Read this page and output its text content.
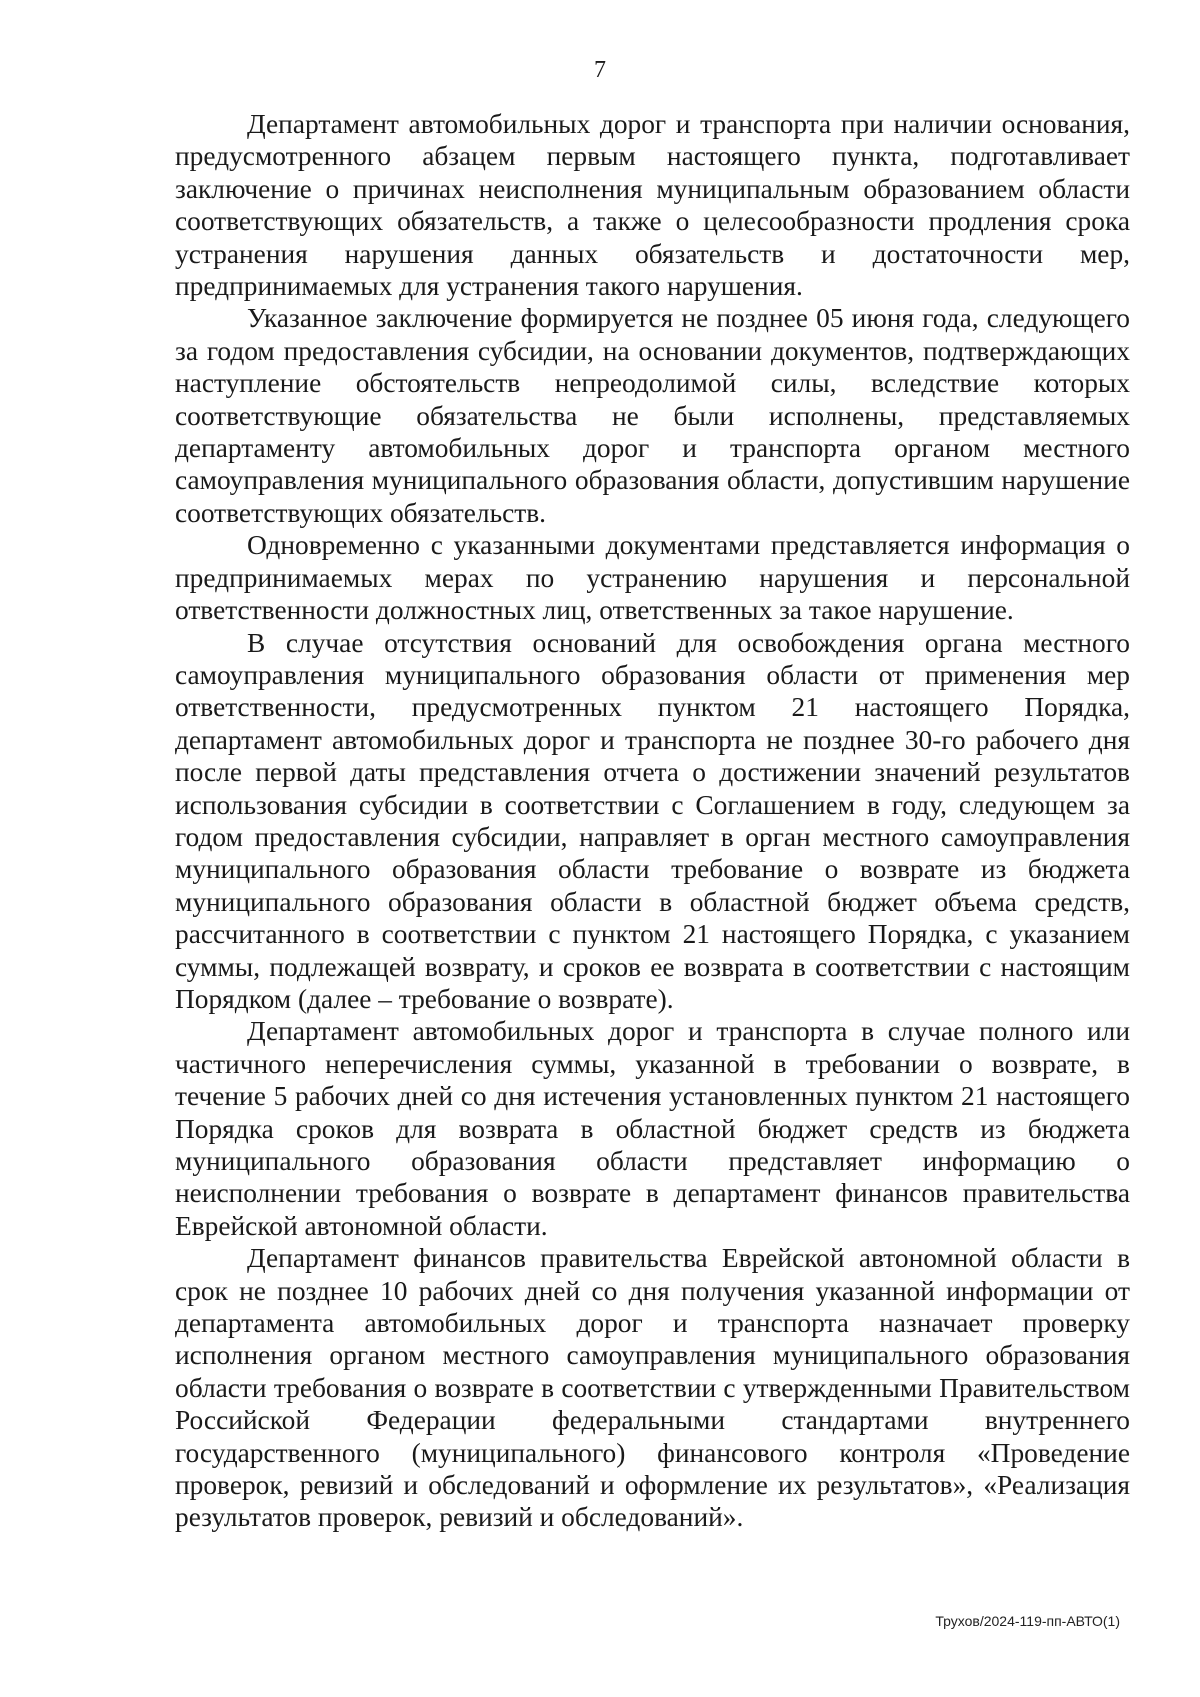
7

Департамент автомобильных дорог и транспорта при наличии основания, предусмотренного абзацем первым настоящего пункта, подготавливает заключение о причинах неисполнения муниципальным образованием области соответствующих обязательств, а также о целесообразности продления срока устранения нарушения данных обязательств и достаточности мер, предпринимаемых для устранения такого нарушения.

Указанное заключение формируется не позднее 05 июня года, следующего за годом предоставления субсидии, на основании документов, подтверждающих наступление обстоятельств непреодолимой силы, вследствие которых соответствующие обязательства не были исполнены, представляемых департаменту автомобильных дорог и транспорта органом местного самоуправления муниципального образования области, допустившим нарушение соответствующих обязательств.

Одновременно с указанными документами представляется информация о предпринимаемых мерах по устранению нарушения и персональной ответственности должностных лиц, ответственных за такое нарушение.

В случае отсутствия оснований для освобождения органа местного самоуправления муниципального образования области от применения мер ответственности, предусмотренных пунктом 21 настоящего Порядка, департамент автомобильных дорог и транспорта не позднее 30-го рабочего дня после первой даты представления отчета о достижении значений результатов использования субсидии в соответствии с Соглашением в году, следующем за годом предоставления субсидии, направляет в орган местного самоуправления муниципального образования области требование о возврате из бюджета муниципального образования области в областной бюджет объема средств, рассчитанного в соответствии с пунктом 21 настоящего Порядка, с указанием суммы, подлежащей возврату, и сроков ее возврата в соответствии с настоящим Порядком (далее – требование о возврате).

Департамент автомобильных дорог и транспорта в случае полного или частичного неперечисления суммы, указанной в требовании о возврате, в течение 5 рабочих дней со дня истечения установленных пунктом 21 настоящего Порядка сроков для возврата в областной бюджет средств из бюджета муниципального образования области представляет информацию о неисполнении требования о возврате в департамент финансов правительства Еврейской автономной области.

Департамент финансов правительства Еврейской автономной области в срок не позднее 10 рабочих дней со дня получения указанной информации от департамента автомобильных дорог и транспорта назначает проверку исполнения органом местного самоуправления муниципального образования области требования о возврате в соответствии с утвержденными Правительством Российской Федерации федеральными стандартами внутреннего государственного (муниципального) финансового контроля «Проведение проверок, ревизий и обследований и оформление их результатов», «Реализация результатов проверок, ревизий и обследований».

Трухов/2024-119-пп-АВТО(1)
